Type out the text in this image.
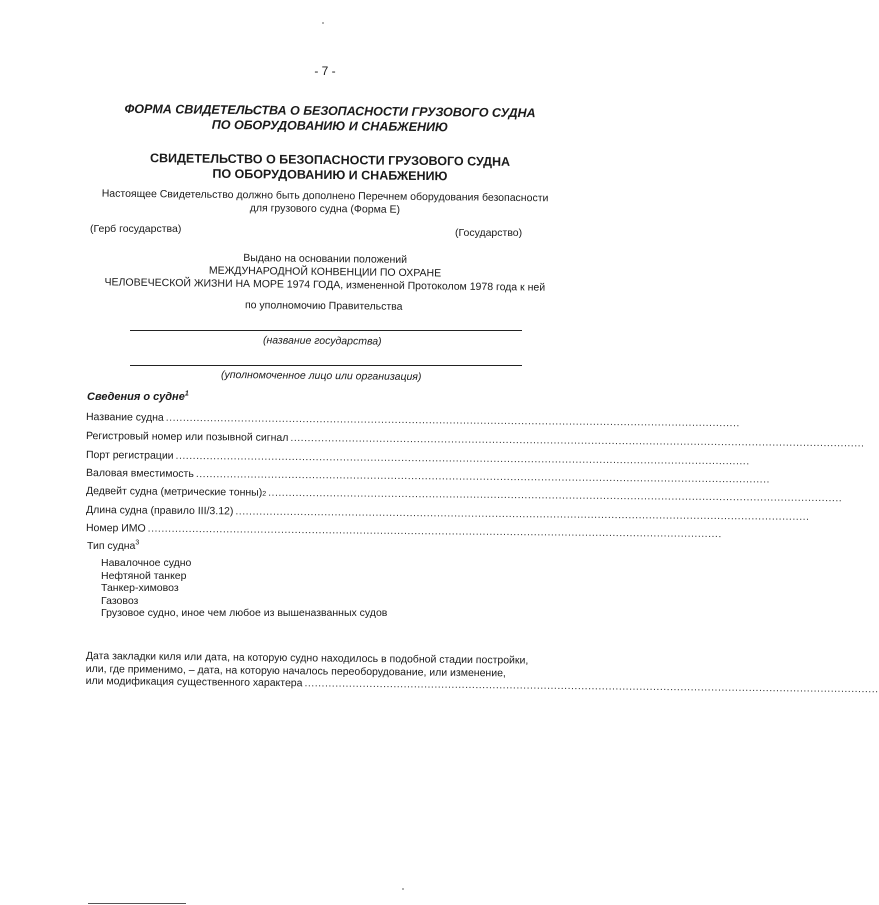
- 7 -
ФОРМА СВИДЕТЕЛЬСТВА О БЕЗОПАСНОСТИ ГРУЗОВОГО СУДНА
ПО ОБОРУДОВАНИЮ И СНАБЖЕНИЮ
СВИДЕТЕЛЬСТВО О БЕЗОПАСНОСТИ ГРУЗОВОГО СУДНА
ПО ОБОРУДОВАНИЮ И СНАБЖЕНИЮ
Настоящее Свидетельство должно быть дополнено Перечнем оборудования безопасности
для грузового судна (Форма Е)
(Герб государства)	(Государство)
Выдано на основании положений
МЕЖДУНАРОДНОЙ КОНВЕНЦИИ ПО ОХРАНЕ
ЧЕЛОВЕЧЕСКОЙ ЖИЗНИ НА МОРЕ 1974 ГОДА, измененной Протоколом 1978 года к ней
по уполномочию Правительства
(название государства)
(уполномоченное лицо или организация)
Сведения о судне$^1$
Название судна ........................................................................................................................................................................
Регистровый номер или позывной сигнал ........................................................................................................................................................................
Порт регистрации ........................................................................................................................................................................
Валовая вместимость ........................................................................................................................................................................
Дедвейт судна (метрические $тонны)_2$ ........................................................................................................................................................................
Длина судна (правило III/3.12) ........................................................................................................................................................................
Номер ИМО ........................................................................................................................................................................
Тип судна$^3$
Навалочное судно
Нефтяной танкер
Танкер-химовоз
Газовоз
Грузовое судно, иное чем любое из вышеназванных судов
Дата закладки киля или дата, на которую судно находилось в подобной стадии постройки,
или, где применимо, – дата, на которую началось переоборудование, или изменение,
или модификация существенного характера ........................................................................................................................................................................
